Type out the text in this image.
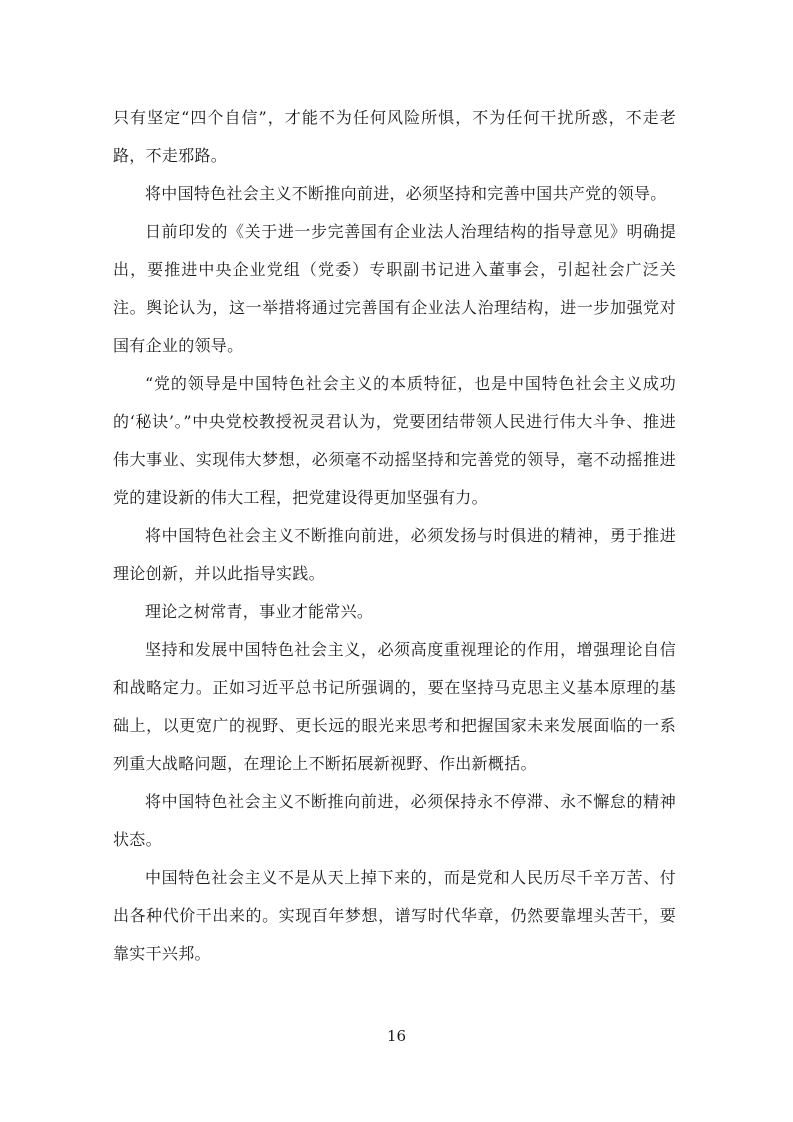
只有坚定“四个自信”，才能不为任何风险所惧，不为任何干扰所惑，不走老路，不走邪路。

将中国特色社会主义不断推向前进，必须坚持和完善中国共产党的领导。

日前印发的《关于进一步完善国有企业法人治理结构的指导意见》明确提出，要推进中央企业党组（党委）专职副书记进入董事会，引起社会广泛关注。舆论认为，这一举措将通过完善国有企业法人治理结构，进一步加强党对国有企业的领导。

“党的领导是中国特色社会主义的本质特征，也是中国特色社会主义成功的‘秘诀’。”中央党校教授祝灵君认为，党要团结带领人民进行伟大斗争、推进伟大事业、实现伟大梦想，必须毫不动摇坚持和完善党的领导，毫不动摇推进党的建设新的伟大工程，把党建设得更加坚强有力。

将中国特色社会主义不断推向前进，必须发扬与时俱进的精神，勇于推进理论创新，并以此指导实践。

理论之树常青，事业才能常兴。

坚持和发展中国特色社会主义，必须高度重视理论的作用，增强理论自信和战略定力。正如习近平总书记所强调的，要在坚持马克思主义基本原理的基础上，以更宽广的视野、更长远的眼光来思考和把握国家未来发展面临的一系列重大战略问题，在理论上不断拓展新视野、作出新概括。

将中国特色社会主义不断推向前进，必须保持永不停滞、永不懈怠的精神状态。

中国特色社会主义不是从天上掉下来的，而是党和人民历尽千辛万苦、付出各种代价干出来的。实现百年梦想，谱写时代华章，仍然要靠埋头苦干，要靠实干兴邦。

16
